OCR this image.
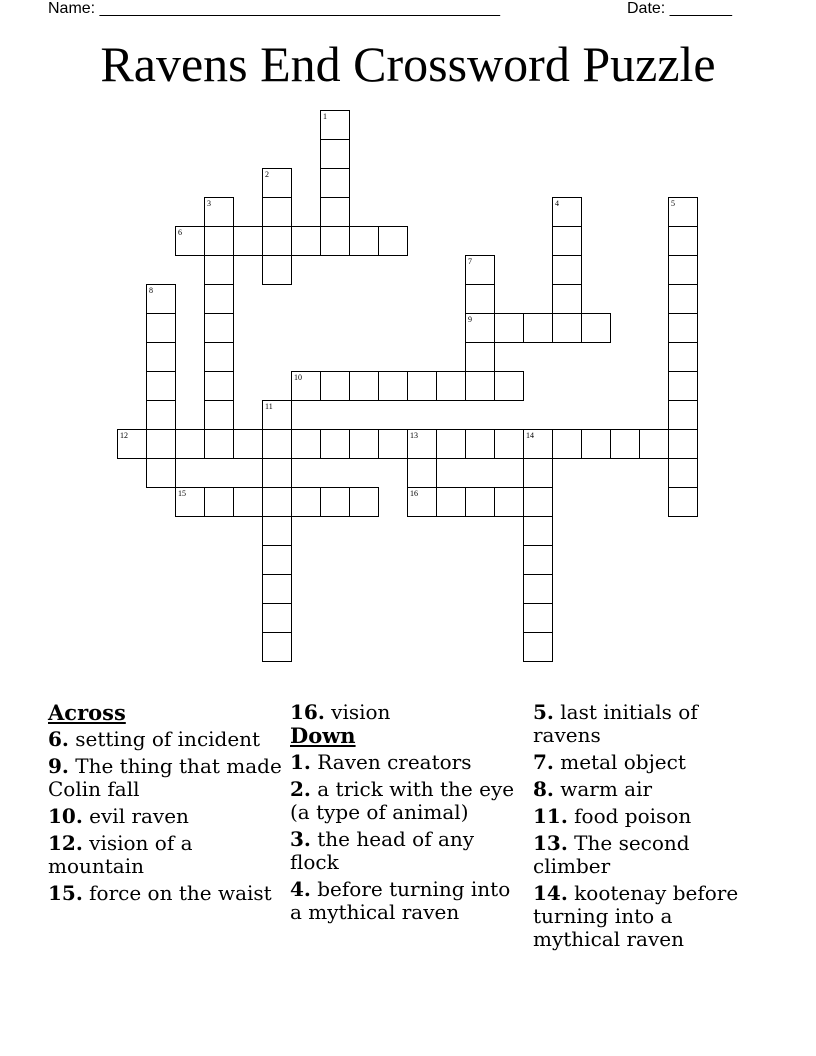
Name: _____________________________________________	Date: _______
Ravens End Crossword Puzzle
1
2
3	4	5
6
7
8
9
10
11
12	13	14
15	16
Across
6. setting of incident
9. The thing that made Colin fall
10. evil raven
12. vision of a mountain
15. force on the waist
16. vision
Down
1. Raven creators
2. a trick with the eye (a type of animal)
3. the head of any flock
4. before turning into a mythical raven
5. last initials of ravens
7. metal object
8. warm air
11. food poison
13. The second climber
14. kootenay before turning into a mythical raven
